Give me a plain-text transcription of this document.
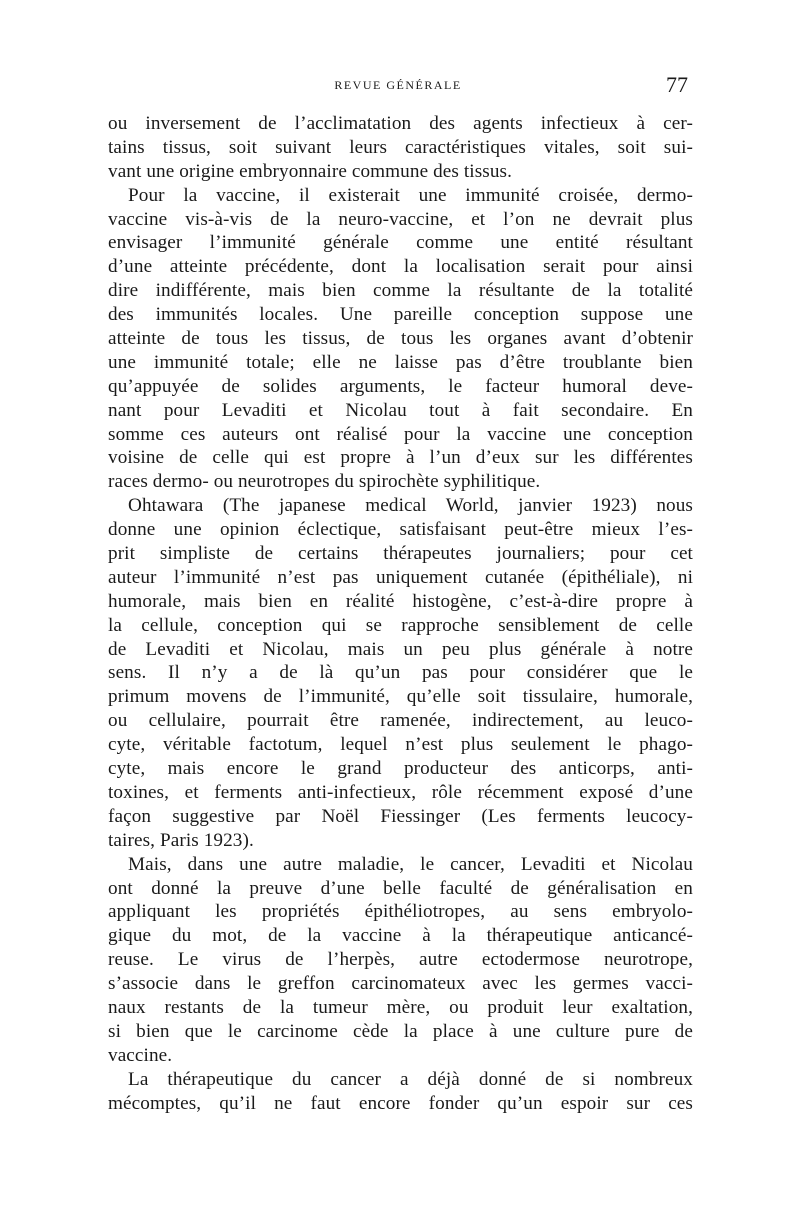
REVUE GÉNÉRALE	77
ou inversement de l’acclimatation des agents infectieux à cer-
tains tissus, soit suivant leurs caractéristiques vitales, soit sui-
vant une origine embryonnaire commune des tissus.
Pour la vaccine, il existerait une immunité croisée, dermo-
vaccine vis-à-vis de la neuro-vaccine, et l’on ne devrait plus
envisager l’immunité générale comme une entité résultant
d’une atteinte précédente, dont la localisation serait pour ainsi
dire indifférente, mais bien comme la résultante de la totalité
des immunités locales. Une pareille conception suppose une
atteinte de tous les tissus, de tous les organes avant d’obtenir
une immunité totale; elle ne laisse pas d’être troublante bien
qu’appuyée de solides arguments, le facteur humoral deve-
nant pour Levaditi et Nicolau tout à fait secondaire. En
somme ces auteurs ont réalisé pour la vaccine une conception
voisine de celle qui est propre à l’un d’eux sur les différentes
races dermo- ou neurotropes du spirochète syphilitique.
Ohtawara (The japanese medical World, janvier 1923) nous
donne une opinion éclectique, satisfaisant peut-être mieux l’es-
prit simpliste de certains thérapeutes journaliers; pour cet
auteur l’immunité n’est pas uniquement cutanée (épithéliale), ni
humorale, mais bien en réalité histogène, c’est-à-dire propre à
la cellule, conception qui se rapproche sensiblement de celle
de Levaditi et Nicolau, mais un peu plus générale à notre
sens. Il n’y a de là qu’un pas pour considérer que le
primum movens de l’immunité, qu’elle soit tissulaire, humorale,
ou cellulaire, pourrait être ramenée, indirectement, au leuco-
cyte, véritable factotum, lequel n’est plus seulement le phago-
cyte, mais encore le grand producteur des anticorps, anti-
toxines, et ferments anti-infectieux, rôle récemment exposé d’une
façon suggestive par Noël Fiessinger (Les ferments leucocy-
taires, Paris 1923).
Mais, dans une autre maladie, le cancer, Levaditi et Nicolau
ont donné la preuve d’une belle faculté de généralisation en
appliquant les propriétés épithéliotropes, au sens embryolo-
gique du mot, de la vaccine à la thérapeutique anticancé-
reuse. Le virus de l’herpès, autre ectodermose neurotrope,
s’associe dans le greffon carcinomateux avec les germes vacci-
naux restants de la tumeur mère, ou produit leur exaltation,
si bien que le carcinome cède la place à une culture pure de
vaccine.
La thérapeutique du cancer a déjà donné de si nombreux
mécomptes, qu’il ne faut encore fonder qu’un espoir sur ces
